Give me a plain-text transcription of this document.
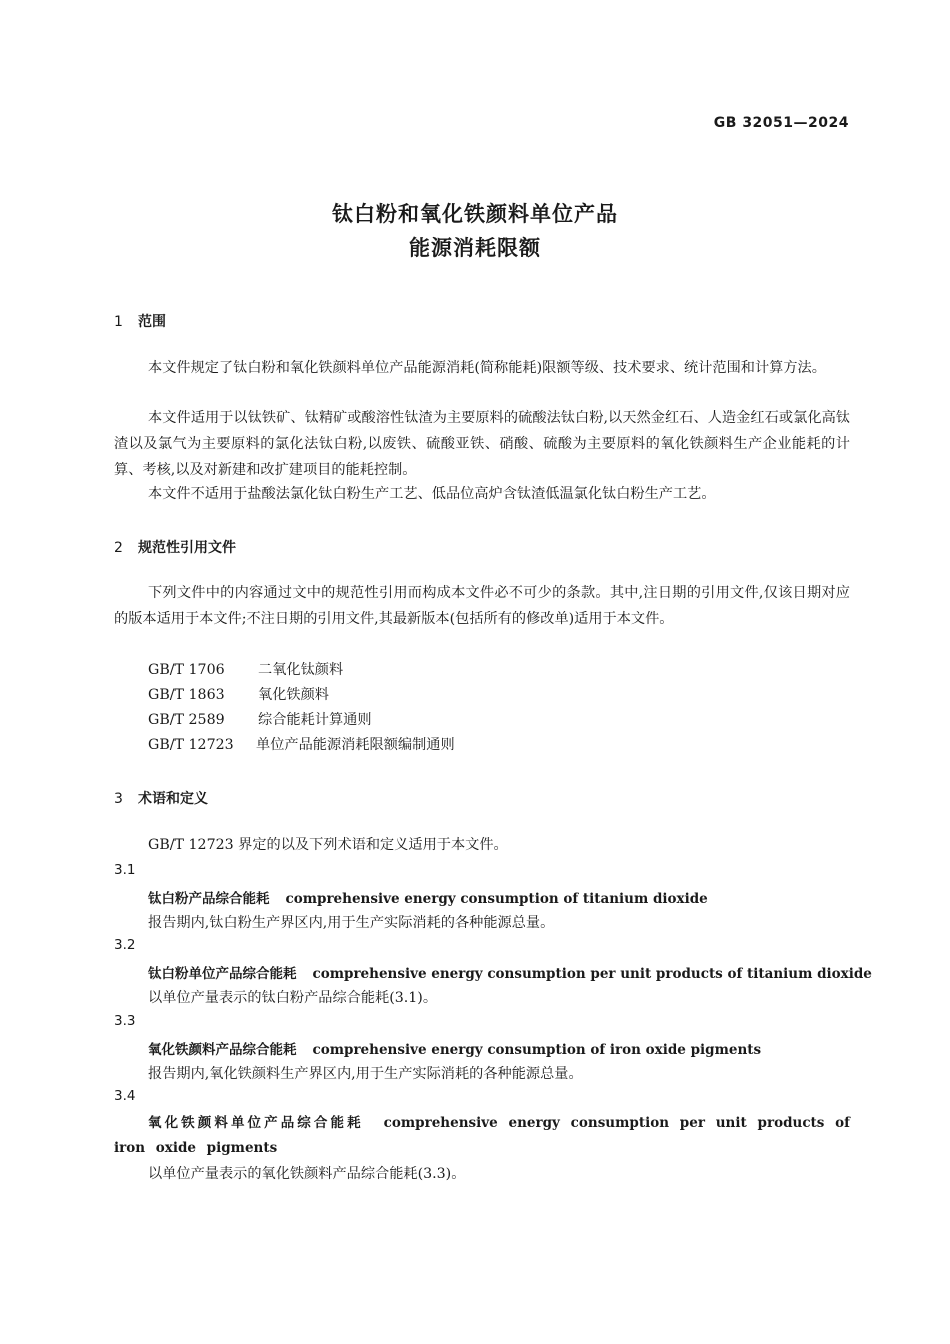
GB 32051—2024
钛白粉和氧化铁颜料单位产品
能源消耗限额
1 范围
本文件规定了钛白粉和氧化铁颜料单位产品能源消耗(简称能耗)限额等级、技术要求、统计范围和计算方法。
本文件适用于以钛铁矿、钛精矿或酸溶性钛渣为主要原料的硫酸法钛白粉,以天然金红石、人造金红石或氯化高钛渣以及氯气为主要原料的氯化法钛白粉,以废铁、硫酸亚铁、硝酸、硫酸为主要原料的氧化铁颜料生产企业能耗的计算、考核,以及对新建和改扩建项目的能耗控制。
本文件不适用于盐酸法氯化钛白粉生产工艺、低品位高炉含钛渣低温氯化钛白粉生产工艺。
2 规范性引用文件
下列文件中的内容通过文中的规范性引用而构成本文件必不可少的条款。其中,注日期的引用文件,仅该日期对应的版本适用于本文件;不注日期的引用文件,其最新版本(包括所有的修改单)适用于本文件。
GB/T 1706 二氧化钛颜料
GB/T 1863 氧化铁颜料
GB/T 2589 综合能耗计算通则
GB/T 12723 单位产品能源消耗限额编制通则
3 术语和定义
GB/T 12723 界定的以及下列术语和定义适用于本文件。
3.1
钛白粉产品综合能耗 comprehensive energy consumption of titanium dioxide
报告期内,钛白粉生产界区内,用于生产实际消耗的各种能源总量。
3.2
钛白粉单位产品综合能耗 comprehensive energy consumption per unit products of titanium dioxide
以单位产量表示的钛白粉产品综合能耗(3.1)。
3.3
氧化铁颜料产品综合能耗 comprehensive energy consumption of iron oxide pigments
报告期内,氧化铁颜料生产界区内,用于生产实际消耗的各种能源总量。
3.4
氧化铁颜料单位产品综合能耗 comprehensive energy consumption per unit products of iron oxide pigments
以单位产量表示的氧化铁颜料产品综合能耗(3.3)。
